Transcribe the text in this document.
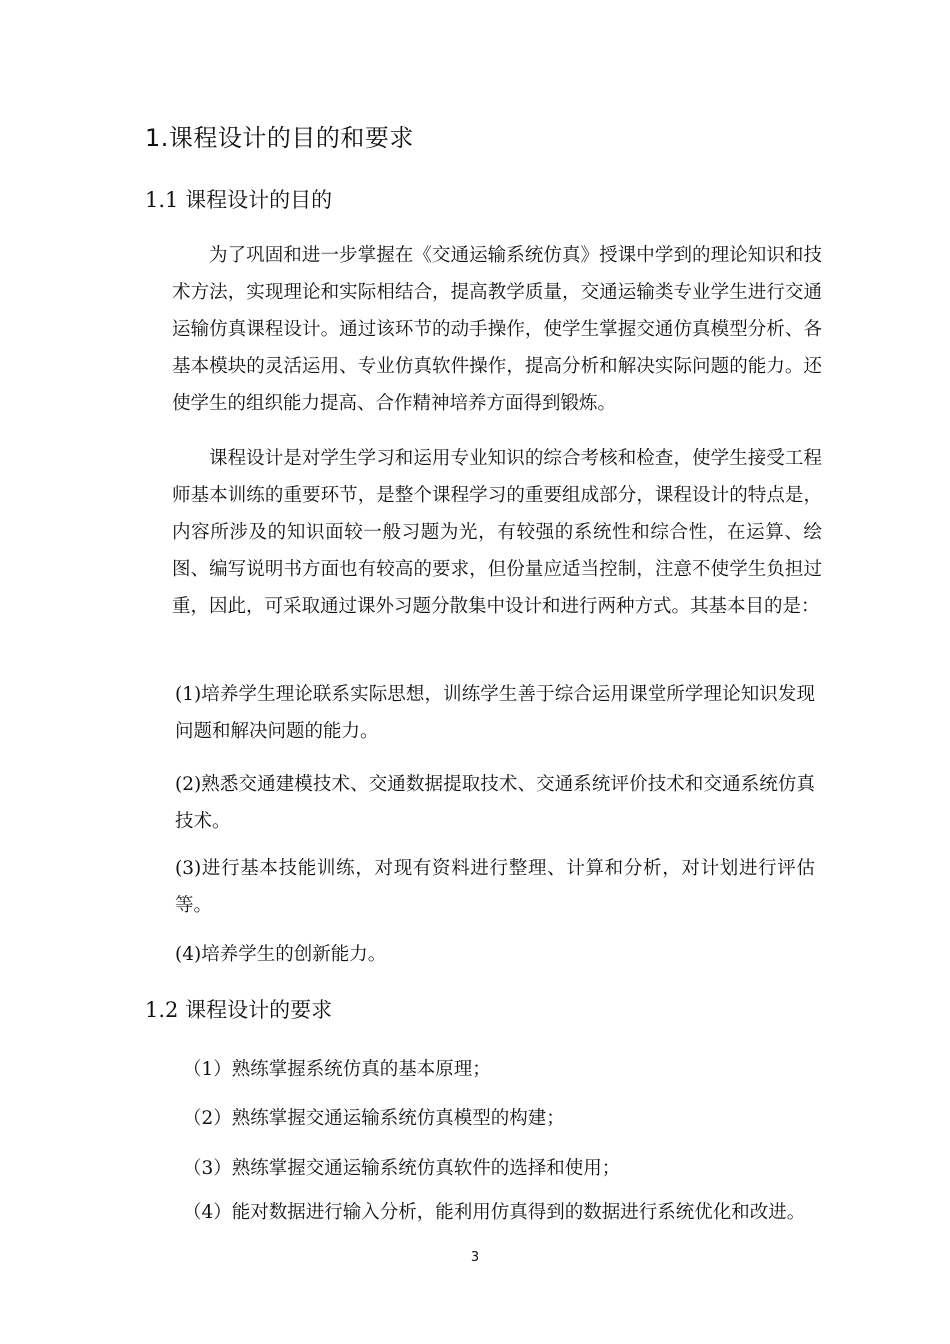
1.课程设计的目的和要求
1.1 课程设计的目的

为了巩固和进一步掌握在《交通运输系统仿真》授课中学到的理论知识和技术方法，实现理论和实际相结合，提高教学质量，交通运输类专业学生进行交通运输仿真课程设计。通过该环节的动手操作，使学生掌握交通仿真模型分析、各基本模块的灵活运用、专业仿真软件操作，提高分析和解决实际问题的能力。还使学生的组织能力提高、合作精神培养方面得到锻炼。

课程设计是对学生学习和运用专业知识的综合考核和检查，使学生接受工程师基本训练的重要环节，是整个课程学习的重要组成部分，课程设计的特点是，内容所涉及的知识面较一般习题为光，有较强的系统性和综合性，在运算、绘图、编写说明书方面也有较高的要求，但份量应适当控制，注意不使学生负担过重，因此，可采取通过课外习题分散集中设计和进行两种方式。其基本目的是：

(1)培养学生理论联系实际思想，训练学生善于综合运用课堂所学理论知识发现问题和解决问题的能力。

(2)熟悉交通建模技术、交通数据提取技术、交通系统评价技术和交通系统仿真技术。

(3)进行基本技能训练，对现有资料进行整理、计算和分析，对计划进行评估等。

(4)培养学生的创新能力。

1.2 课程设计的要求
（1）熟练掌握系统仿真的基本原理；
（2）熟练掌握交通运输系统仿真模型的构建；
（3）熟练掌握交通运输系统仿真软件的选择和使用；
（4）能对数据进行输入分析，能利用仿真得到的数据进行系统优化和改进。
3
